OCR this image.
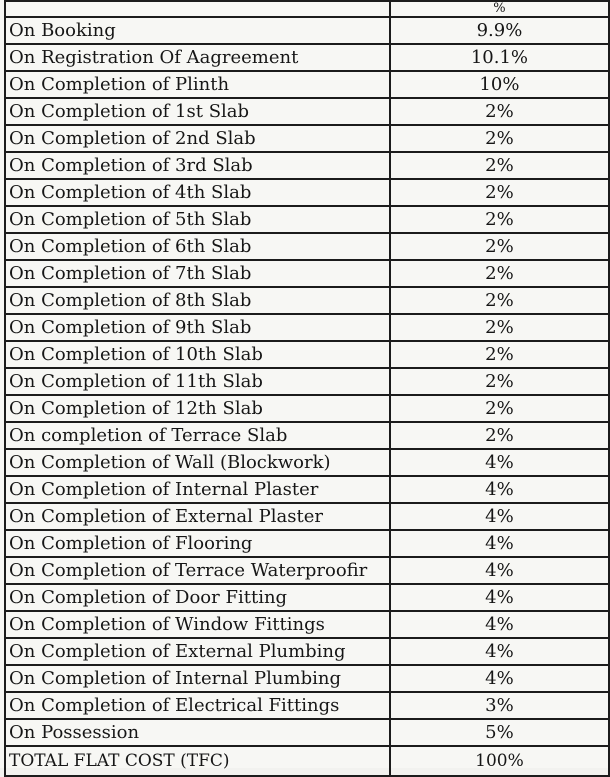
	%
On Booking	9.9%
On Registration Of Aagreement	10.1%
On Completion of Plinth	10%
On Completion of 1st Slab	2%
On Completion of 2nd Slab	2%
On Completion of 3rd Slab	2%
On Completion of 4th Slab	2%
On Completion of 5th Slab	2%
On Completion of 6th Slab	2%
On Completion of 7th Slab	2%
On Completion of 8th Slab	2%
On Completion of 9th Slab	2%
On Completion of 10th Slab	2%
On Completion of 11th Slab	2%
On Completion of 12th Slab	2%
On completion of Terrace Slab	2%
On Completion of Wall (Blockwork)	4%
On Completion of Internal Plaster	4%
On Completion of External Plaster	4%
On Completion of Flooring	4%
On Completion of Terrace Waterproofir	4%
On Completion of Door Fitting	4%
On Completion of Window Fittings	4%
On Completion of External Plumbing	4%
On Completion of Internal Plumbing	4%
On Completion of Electrical Fittings	3%
On Possession	5%
TOTAL FLAT COST (TFC)	100%
